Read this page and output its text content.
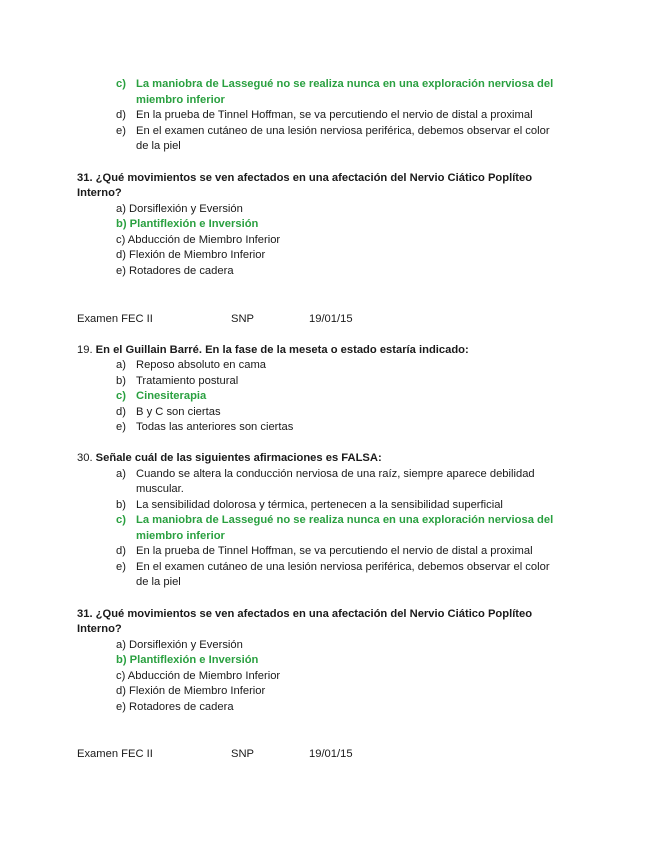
c) La maniobra de Lassegué no se realiza nunca en una exploración nerviosa del
miembro inferior
d) En la prueba de Tinnel Hoffman, se va percutiendo el nervio de distal a proximal
e) En el examen cutáneo de una lesión nerviosa periférica, debemos observar el color
de la piel
31. ¿Qué movimientos se ven afectados en una afectación del Nervio Ciático Poplíteo
Interno?
a) Dorsiflexión y Eversión
b) Plantiflexión e Inversión
c) Abducción de Miembro Inferior
d) Flexión de Miembro Inferior
e) Rotadores de cadera
Examen FEC II	SNP	19/01/15
19. En el Guillain Barré. En la fase de la meseta o estado estaría indicado:
a) Reposo absoluto en cama
b) Tratamiento postural
c) Cinesiterapia
d) B y C son ciertas
e) Todas las anteriores son ciertas
30. Señale cuál de las siguientes afirmaciones es FALSA:
a) Cuando se altera la conducción nerviosa de una raíz, siempre aparece debilidad
muscular.
b) La sensibilidad dolorosa y térmica, pertenecen a la sensibilidad superficial
c) La maniobra de Lassegué no se realiza nunca en una exploración nerviosa del
miembro inferior
d) En la prueba de Tinnel Hoffman, se va percutiendo el nervio de distal a proximal
e) En el examen cutáneo de una lesión nerviosa periférica, debemos observar el color
de la piel
31. ¿Qué movimientos se ven afectados en una afectación del Nervio Ciático Poplíteo
Interno?
a) Dorsiflexión y Eversión
b) Plantiflexión e Inversión
c) Abducción de Miembro Inferior
d) Flexión de Miembro Inferior
e) Rotadores de cadera
Examen FEC II	SNP	19/01/15
